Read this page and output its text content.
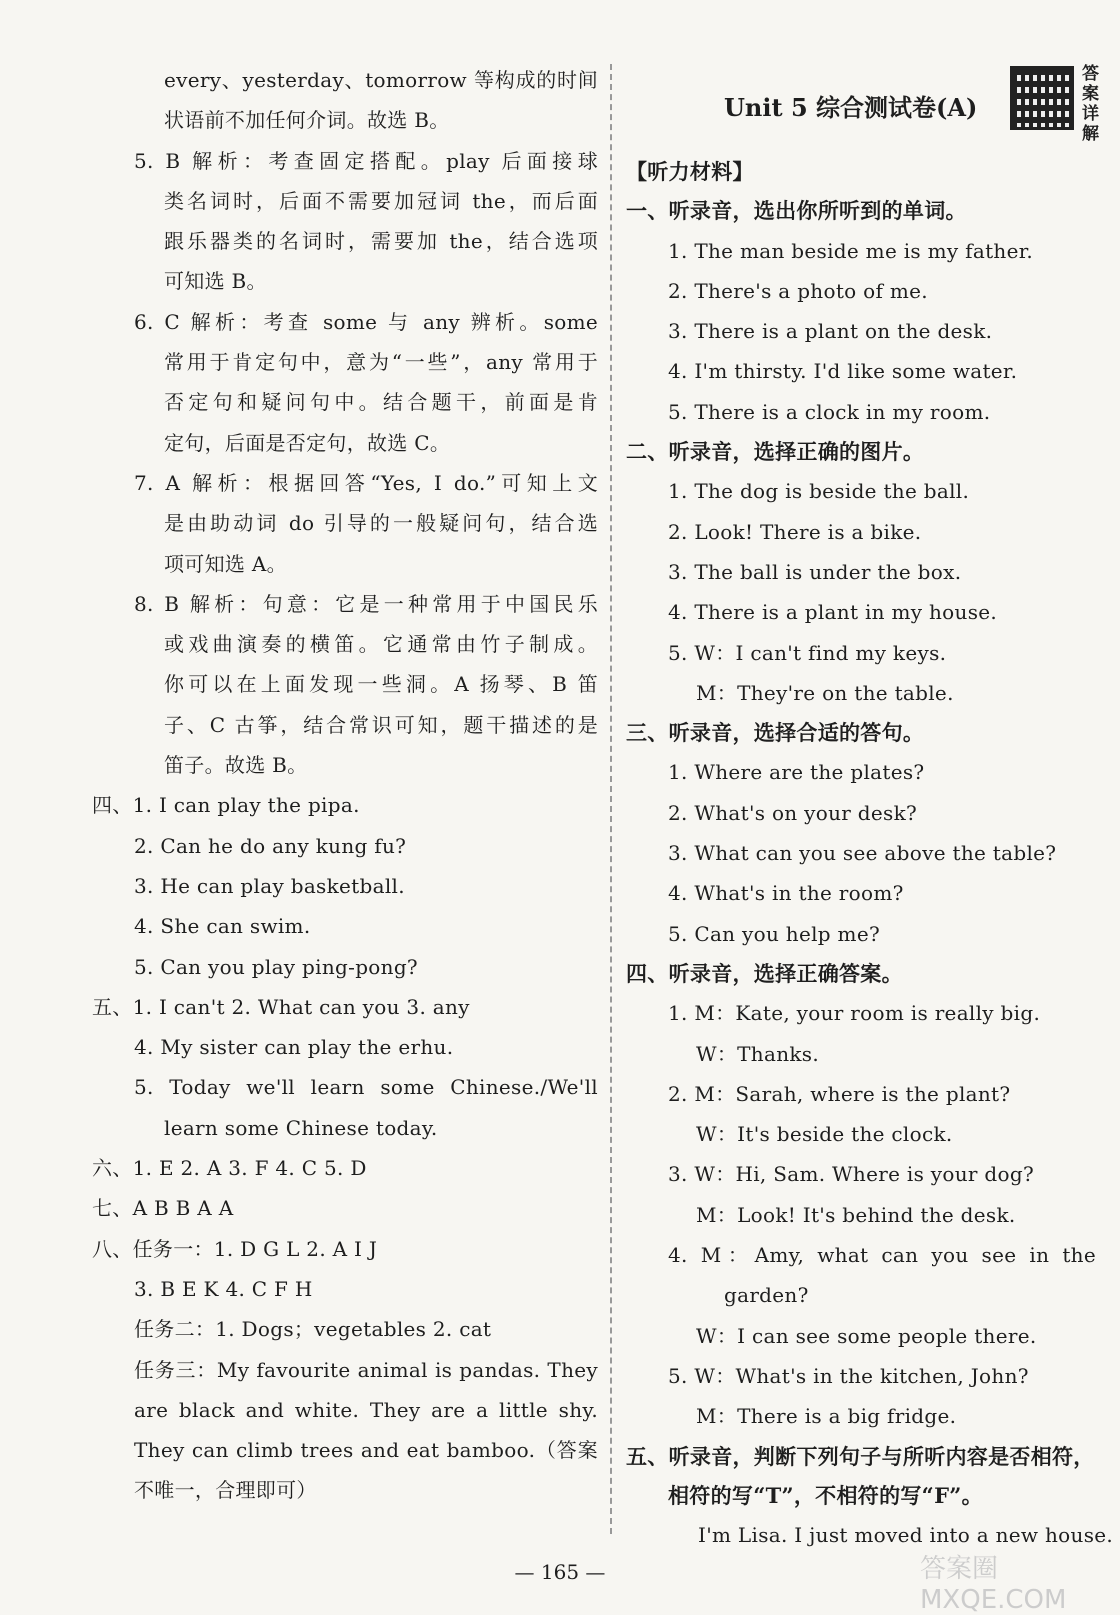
every、yesterday、tomorrow 等构成的时间
状语前不加任何介词。故选 B。
5. B 解析：考查固定搭配。play 后面接球
类名词时，后面不需要加冠词 the，而后面
跟乐器类的名词时，需要加 the，结合选项
可知选 B。
6. C 解析：考查 some 与 any 辨析。some
常用于肯定句中，意为“一些”，any 常用于
否定句和疑问句中。结合题干，前面是肯
定句，后面是否定句，故选 C。
7. A 解析：根据回答“Yes, I do.”可知上文
是由助动词 do 引导的一般疑问句，结合选
项可知选 A。
8. B 解析：句意：它是一种常用于中国民乐
或戏曲演奏的横笛。它通常由竹子制成。
你可以在上面发现一些洞。A 扬琴、B 笛
子、C 古筝，结合常识可知，题干描述的是
笛子。故选 B。
四、1. I can play the pipa.
2. Can he do any kung fu?
3. He can play basketball.
4. She can swim.
5. Can you play ping-pong?
五、1. I can't 2. What can you 3. any
4. My sister can play the erhu.
5. Today we'll learn some Chinese./We'll
learn some Chinese today.
六、1. E 2. A 3. F 4. C 5. D
七、A B B A A
八、任务一：1. D G L 2. A I J
3. B E K 4. C F H
任务二：1. Dogs；vegetables 2. cat
任务三：My favourite animal is pandas. They
are black and white. They are a little shy.
They can climb trees and eat bamboo.（答案
不唯一，合理即可）
Unit 5 综合测试卷(A)
答案详解
【听力材料】
一、听录音，选出你所听到的单词。
1. The man beside me is my father.
2. There's a photo of me.
3. There is a plant on the desk.
4. I'm thirsty. I'd like some water.
5. There is a clock in my room.
二、听录音，选择正确的图片。
1. The dog is beside the ball.
2. Look! There is a bike.
3. The ball is under the box.
4. There is a plant in my house.
5. W：I can't find my keys.
M：They're on the table.
三、听录音，选择合适的答句。
1. Where are the plates?
2. What's on your desk?
3. What can you see above the table?
4. What's in the room?
5. Can you help me?
四、听录音，选择正确答案。
1. M：Kate, your room is really big.
W：Thanks.
2. M：Sarah, where is the plant?
W：It's beside the clock.
3. W：Hi, Sam. Where is your dog?
M：Look! It's behind the desk.
4. M：Amy, what can you see in the
garden?
W：I can see some people there.
5. W：What's in the kitchen, John?
M：There is a big fridge.
五、听录音，判断下列句子与所听内容是否相符，
相符的写“T”，不相符的写“F”。
I'm Lisa. I just moved into a new house.
— 165 —	答案圈 MXQE.COM
